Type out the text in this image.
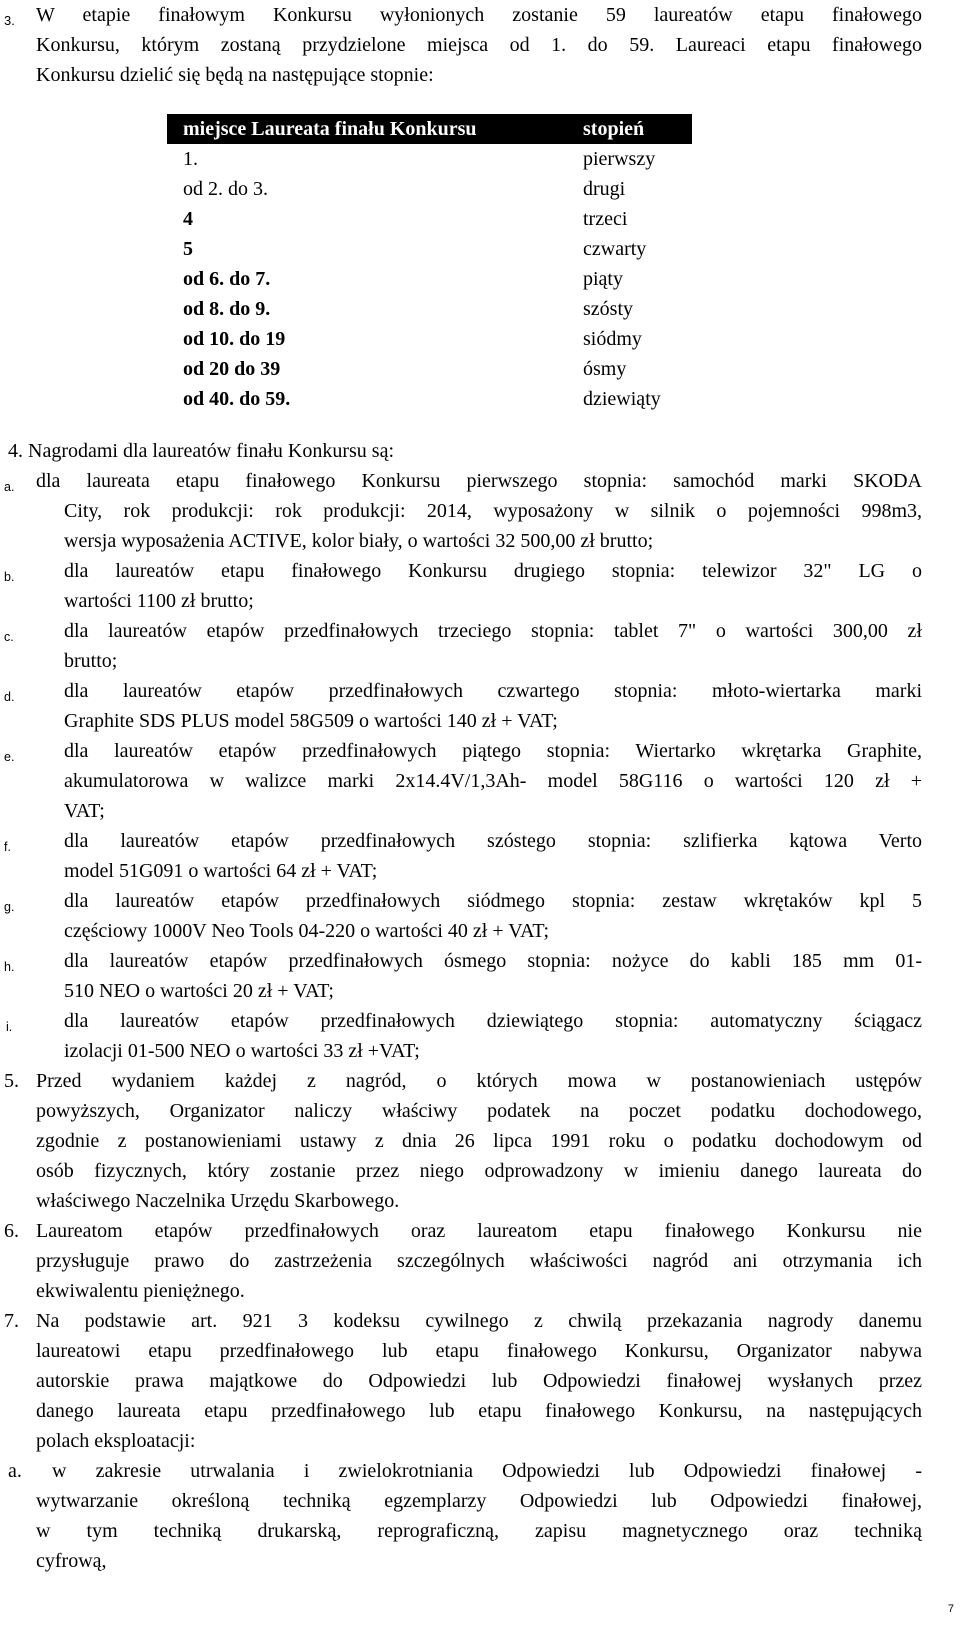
3. W etapie finałowym Konkursu wyłonionych zostanie 59 laureatów etapu finałowego
Konkursu, którym zostaną przydzielone miejsca od 1. do 59. Laureaci etapu finałowego
Konkursu dzielić się będą na następujące stopnie:
miejsce Laureata finału Konkursu	stopień
1.	pierwszy
od 2. do 3.	drugi
4	trzeci
5	czwarty
od 6. do 7.	piąty
od 8. do 9.	szósty
od 10. do 19	siódmy
od 20 do 39	ósmy
od 40. do 59.	dziewiąty
4. Nagrodami dla laureatów finału Konkursu są:
a. dla laureata etapu finałowego Konkursu pierwszego stopnia: samochód marki SKODA
City, rok produkcji: rok produkcji: 2014, wyposażony w silnik o pojemności 998m3,
wersja wyposażenia ACTIVE, kolor biały, o wartości 32 500,00 zł brutto;
b. dla laureatów etapu finałowego Konkursu drugiego stopnia: telewizor 32" LG o
wartości 1100 zł brutto;
c.	dla laureatów etapów przedfinałowych trzeciego stopnia: tablet 7" o wartości 300,00 zł
brutto;
d. dla laureatów etapów przedfinałowych czwartego stopnia: młoto-wiertarka marki
Graphite SDS PLUS model 58G509 o wartości 140 zł + VAT;
e. dla laureatów etapów przedfinałowych piątego stopnia: Wiertarko wkrętarka Graphite,
akumulatorowa w walizce marki 2x14.4V/1,3Ah- model 58G116 o wartości 120 zł +
VAT;
f.	dla laureatów etapów przedfinałowych szóstego stopnia: szlifierka kątowa Verto
model 51G091 o wartości 64 zł + VAT;
g. dla laureatów etapów przedfinałowych siódmego stopnia: zestaw wkrętaków kpl 5
częściowy 1000V Neo Tools 04-220 o wartości 40 zł + VAT;
h. dla laureatów etapów przedfinałowych ósmego stopnia: nożyce do kabli 185 mm 01-
510 NEO o wartości 20 zł + VAT;
i.	dla laureatów etapów przedfinałowych dziewiątego stopnia: automatyczny ściągacz
izolacji 01-500 NEO o wartości 33 zł +VAT;
5. Przed wydaniem każdej z nagród, o których mowa w postanowieniach ustępów
powyższych, Organizator naliczy właściwy podatek na poczet podatku dochodowego,
zgodnie z postanowieniami ustawy z dnia 26 lipca 1991 roku o podatku dochodowym od
osób fizycznych, który zostanie przez niego odprowadzony w imieniu danego laureata do
właściwego Naczelnika Urzędu Skarbowego.
6. Laureatom etapów przedfinałowych oraz laureatom etapu finałowego Konkursu nie
przysługuje prawo do zastrzeżenia szczególnych właściwości nagród ani otrzymania ich
ekwiwalentu pieniężnego.
7. Na podstawie art. 921 3 kodeksu cywilnego z chwilą przekazania nagrody danemu
laureatowi etapu przedfinałowego lub etapu finałowego Konkursu, Organizator nabywa
autorskie prawa majątkowe do Odpowiedzi lub Odpowiedzi finałowej wysłanych przez
danego laureata etapu przedfinałowego lub etapu finałowego Konkursu, na następujących
polach eksploatacji:
a. w zakresie utrwalania i zwielokrotniania Odpowiedzi lub Odpowiedzi finałowej -
wytwarzanie określoną techniką egzemplarzy Odpowiedzi lub Odpowiedzi finałowej,
w tym techniką drukarską, reprograficzną, zapisu magnetycznego oraz techniką
cyfrową,
7
